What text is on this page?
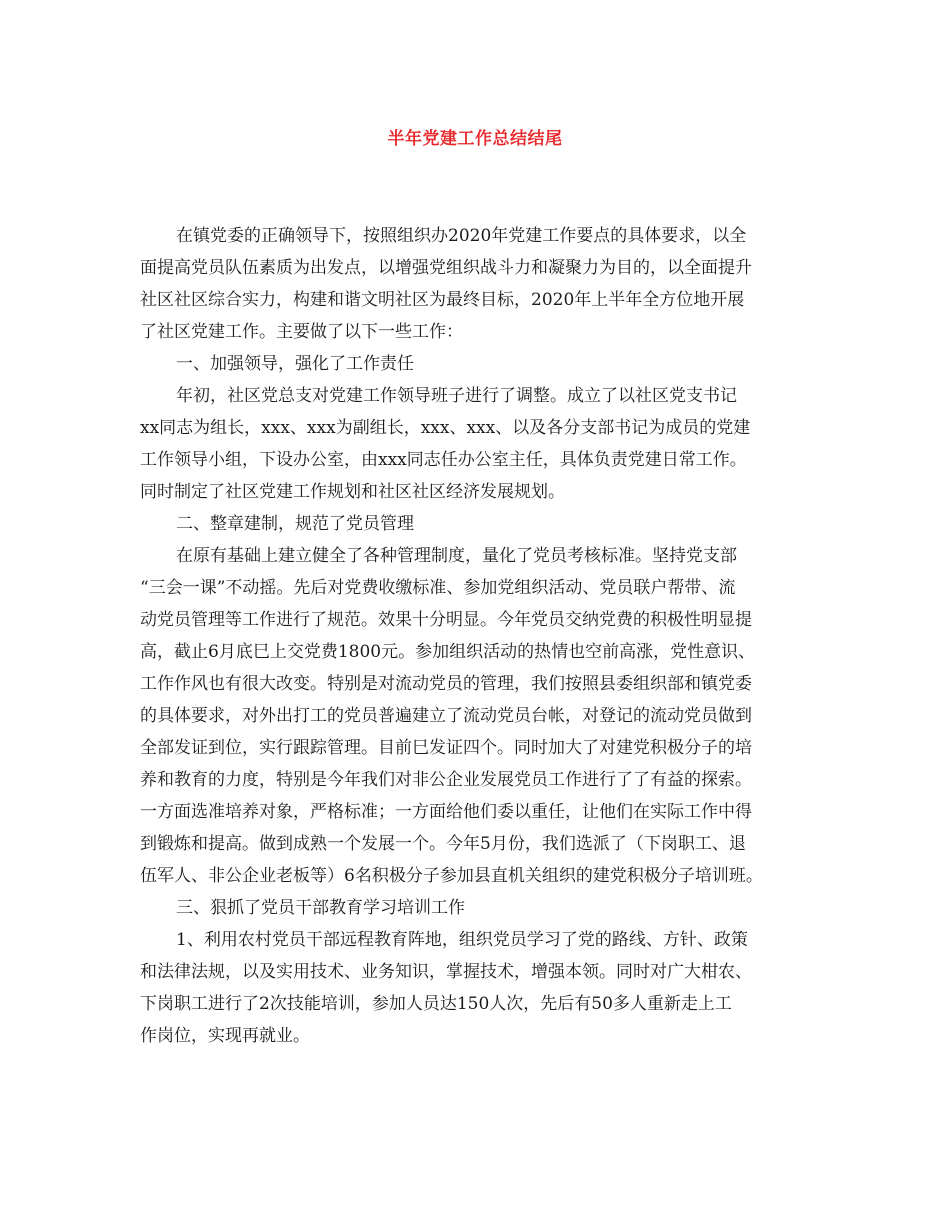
半年党建工作总结结尾
在镇党委的正确领导下，按照组织办2020年党建工作要点的具体要求，以全
面提高党员队伍素质为出发点，以增强党组织战斗力和凝聚力为目的，以全面提升
社区社区综合实力，构建和谐文明社区为最终目标，2020年上半年全方位地开展
了社区党建工作。主要做了以下一些工作：
一、加强领导，强化了工作责任
年初，社区党总支对党建工作领导班子进行了调整。成立了以社区党支书记
xx同志为组长，xxx、xxx为副组长，xxx、xxx、以及各分支部书记为成员的党建
工作领导小组，下设办公室，由xxx同志任办公室主任，具体负责党建日常工作。
同时制定了社区党建工作规划和社区社区经济发展规划。
二、整章建制，规范了党员管理
在原有基础上建立健全了各种管理制度，量化了党员考核标准。坚持党支部
“三会一课”不动摇。先后对党费收缴标准、参加党组织活动、党员联户帮带、流
动党员管理等工作进行了规范。效果十分明显。今年党员交纳党费的积极性明显提
高，截止6月底巳上交党费1800元。参加组织活动的热情也空前高涨，党性意识、
工作作风也有很大改变。特别是对流动党员的管理，我们按照县委组织部和镇党委
的具体要求，对外出打工的党员普遍建立了流动党员台帐，对登记的流动党员做到
全部发证到位，实行跟踪管理。目前巳发证四个。同时加大了对建党积极分子的培
养和教育的力度，特别是今年我们对非公企业发展党员工作进行了了有益的探索。
一方面选准培养对象，严格标准；一方面给他们委以重任，让他们在实际工作中得
到锻炼和提高。做到成熟一个发展一个。今年5月份，我们选派了（下岗职工、退
伍军人、非公企业老板等）6名积极分子参加县直机关组织的建党积极分子培训班。
三、狠抓了党员干部教育学习培训工作
1、利用农村党员干部远程教育阵地，组织党员学习了党的路线、方针、政策
和法律法规，以及实用技术、业务知识，掌握技术，增强本领。同时对广大柑农、
下岗职工进行了2次技能培训，参加人员达150人次，先后有50多人重新走上工
作岗位，实现再就业。
